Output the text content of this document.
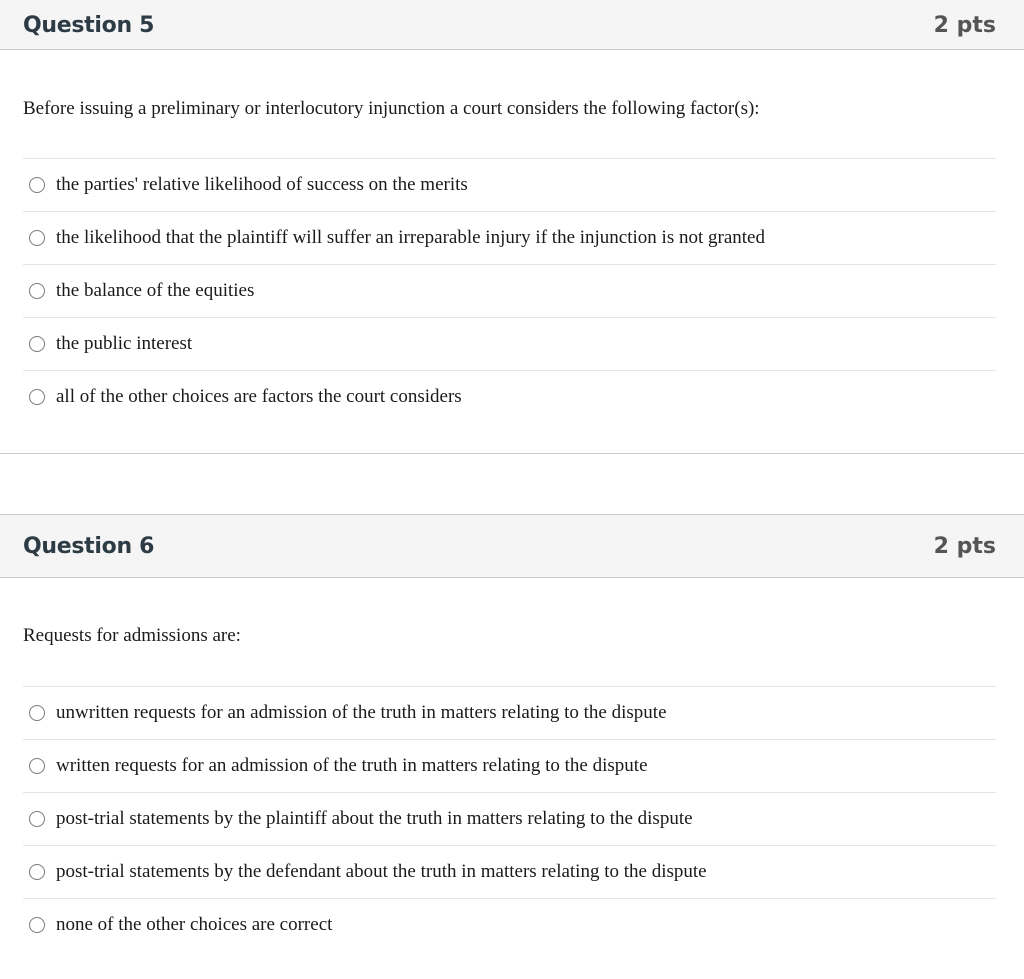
Question 5	2 pts
Before issuing a preliminary or interlocutory injunction a court considers the following factor(s):
the parties' relative likelihood of success on the merits
the likelihood that the plaintiff will suffer an irreparable injury if the injunction is not granted
the balance of the equities
the public interest
all of the other choices are factors the court considers
Question 6	2 pts
Requests for admissions are:
unwritten requests for an admission of the truth in matters relating to the dispute
written requests for an admission of the truth in matters relating to the dispute
post-trial statements by the plaintiff about the truth in matters relating to the dispute
post-trial statements by the defendant about the truth in matters relating to the dispute
none of the other choices are correct
